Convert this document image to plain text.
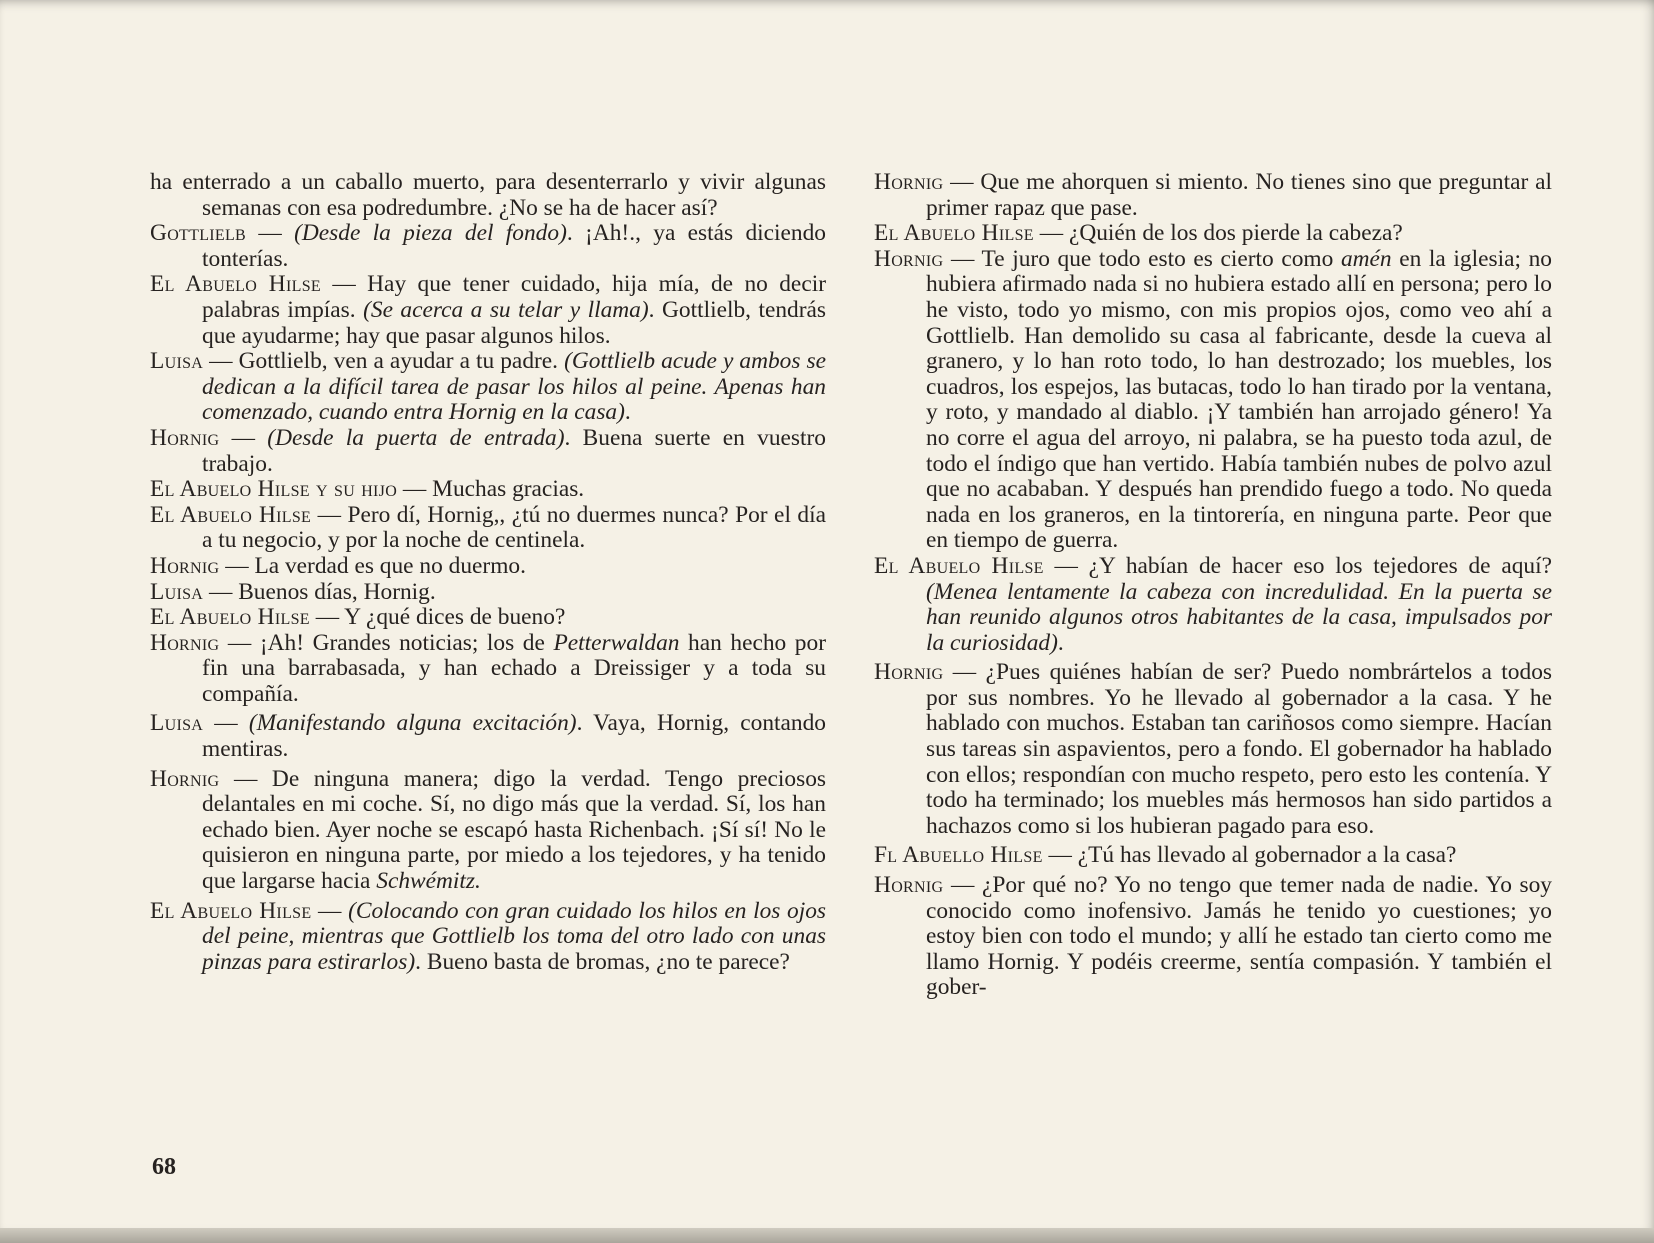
ha enterrado a un caballo muerto, para desenterrarlo y vivir algunas semanas con esa podredumbre. ¿No se ha de hacer así?

Gottlielb — (Desde la pieza del fondo). ¡Ah!., ya estás diciendo tonterías.

El Abuelo Hilse — Hay que tener cuidado, hija mía, de no decir palabras impías. (Se acerca a su telar y llama). Gottlielb, tendrás que ayudarme; hay que pasar algunos hilos.

Luisa — Gottlielb, ven a ayudar a tu padre. (Gottlielb acude y ambos se dedican a la difícil tarea de pasar los hilos al peine. Apenas han comenzado, cuando entra Hornig en la casa).

Hornig — (Desde la puerta de entrada). Buena suerte en vuestro trabajo.

El Abuelo Hilse y su hijo — Muchas gracias.

El Abuelo Hilse — Pero dí, Hornig,, ¿tú no duermes nunca? Por el día a tu negocio, y por la noche de centinela.

Hornig — La verdad es que no duermo.

Luisa — Buenos días, Hornig.

El Abuelo Hilse — Y ¿qué dices de bueno?

Hornig — ¡Ah! Grandes noticias; los de Petterwaldan han hecho por fin una barrabasada, y han echado a Dreissiger y a toda su compañía.

Luisa — (Manifestando alguna excitación). Vaya, Hornig, contando mentiras.

Hornig — De ninguna manera; digo la verdad. Tengo preciosos delantales en mi coche. Sí, no digo más que la verdad. Sí, los han echado bien. Ayer noche se escapó hasta Richenbach. ¡Sí sí! No le quisieron en ninguna parte, por miedo a los tejedores, y ha tenido que largarse hacia Schwémitz.

El Abuelo Hilse — (Colocando con gran cuidado los hilos en los ojos del peine, mientras que Gottlielb los toma del otro lado con unas pinzas para estirarlos). Bueno basta de bromas, ¿no te parece?

Hornig — Que me ahorquen si miento. No tienes sino que preguntar al primer rapaz que pase.

El Abuelo Hilse — ¿Quién de los dos pierde la cabeza?

Hornig — Te juro que todo esto es cierto como amén en la iglesia; no hubiera afirmado nada si no hubiera estado allí en persona; pero lo he visto, todo yo mismo, con mis propios ojos, como veo ahí a Gottlielb. Han demolido su casa al fabricante, desde la cueva al granero, y lo han roto todo, lo han destrozado; los muebles, los cuadros, los espejos, las butacas, todo lo han tirado por la ventana, y roto, y mandado al diablo. ¡Y también han arrojado género! Ya no corre el agua del arroyo, ni palabra, se ha puesto toda azul, de todo el índigo que han vertido. Había también nubes de polvo azul que no acababan. Y después han prendido fuego a todo. No queda nada en los graneros, en la tintorería, en ninguna parte. Peor que en tiempo de guerra.

El Abuelo Hilse — ¿Y habían de hacer eso los tejedores de aquí? (Menea lentamente la cabeza con incredulidad. En la puerta se han reunido algunos otros habitantes de la casa, impulsados por la curiosidad).

Hornig — ¿Pues quiénes habían de ser? Puedo nombrártelos a todos por sus nombres. Yo he llevado al gobernador a la casa. Y he hablado con muchos. Estaban tan cariñosos como siempre. Hacían sus tareas sin aspavientos, pero a fondo. El gobernador ha hablado con ellos; respondían con mucho respeto, pero esto les contenía. Y todo ha terminado; los muebles más hermosos han sido partidos a hachazos como si los hubieran pagado para eso.

Fl Abuello Hilse — ¿Tú has llevado al gobernador a la casa?

Hornig — ¿Por qué no? Yo no tengo que temer nada de nadie. Yo soy conocido como inofensivo. Jamás he tenido yo cuestiones; yo estoy bien con todo el mundo; y allí he estado tan cierto como me llamo Hornig. Y podéis creerme, sentía compasión. Y también el gober-

68
